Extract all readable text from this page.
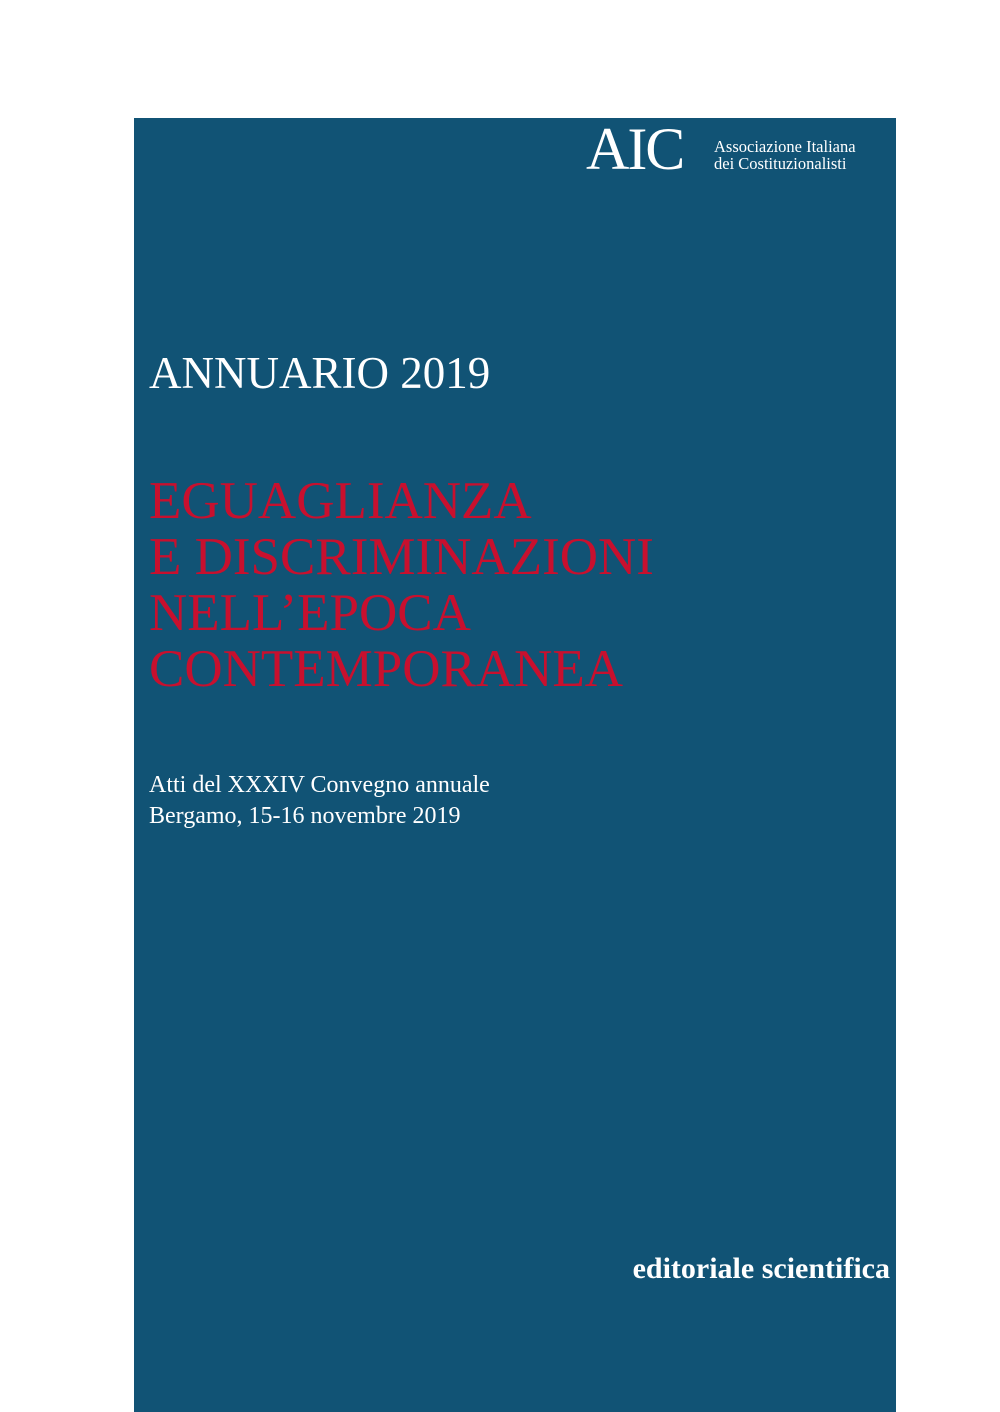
AIC Associazione Italiana
dei Costituzionalisti
ANNUARIO 2019
EGUAGLIANZA
E DISCRIMINAZIONI
NELL’EPOCA
CONTEMPORANEA
Atti del XXXIV Convegno annuale
Bergamo, 15-16 novembre 2019
editoriale scientifica
